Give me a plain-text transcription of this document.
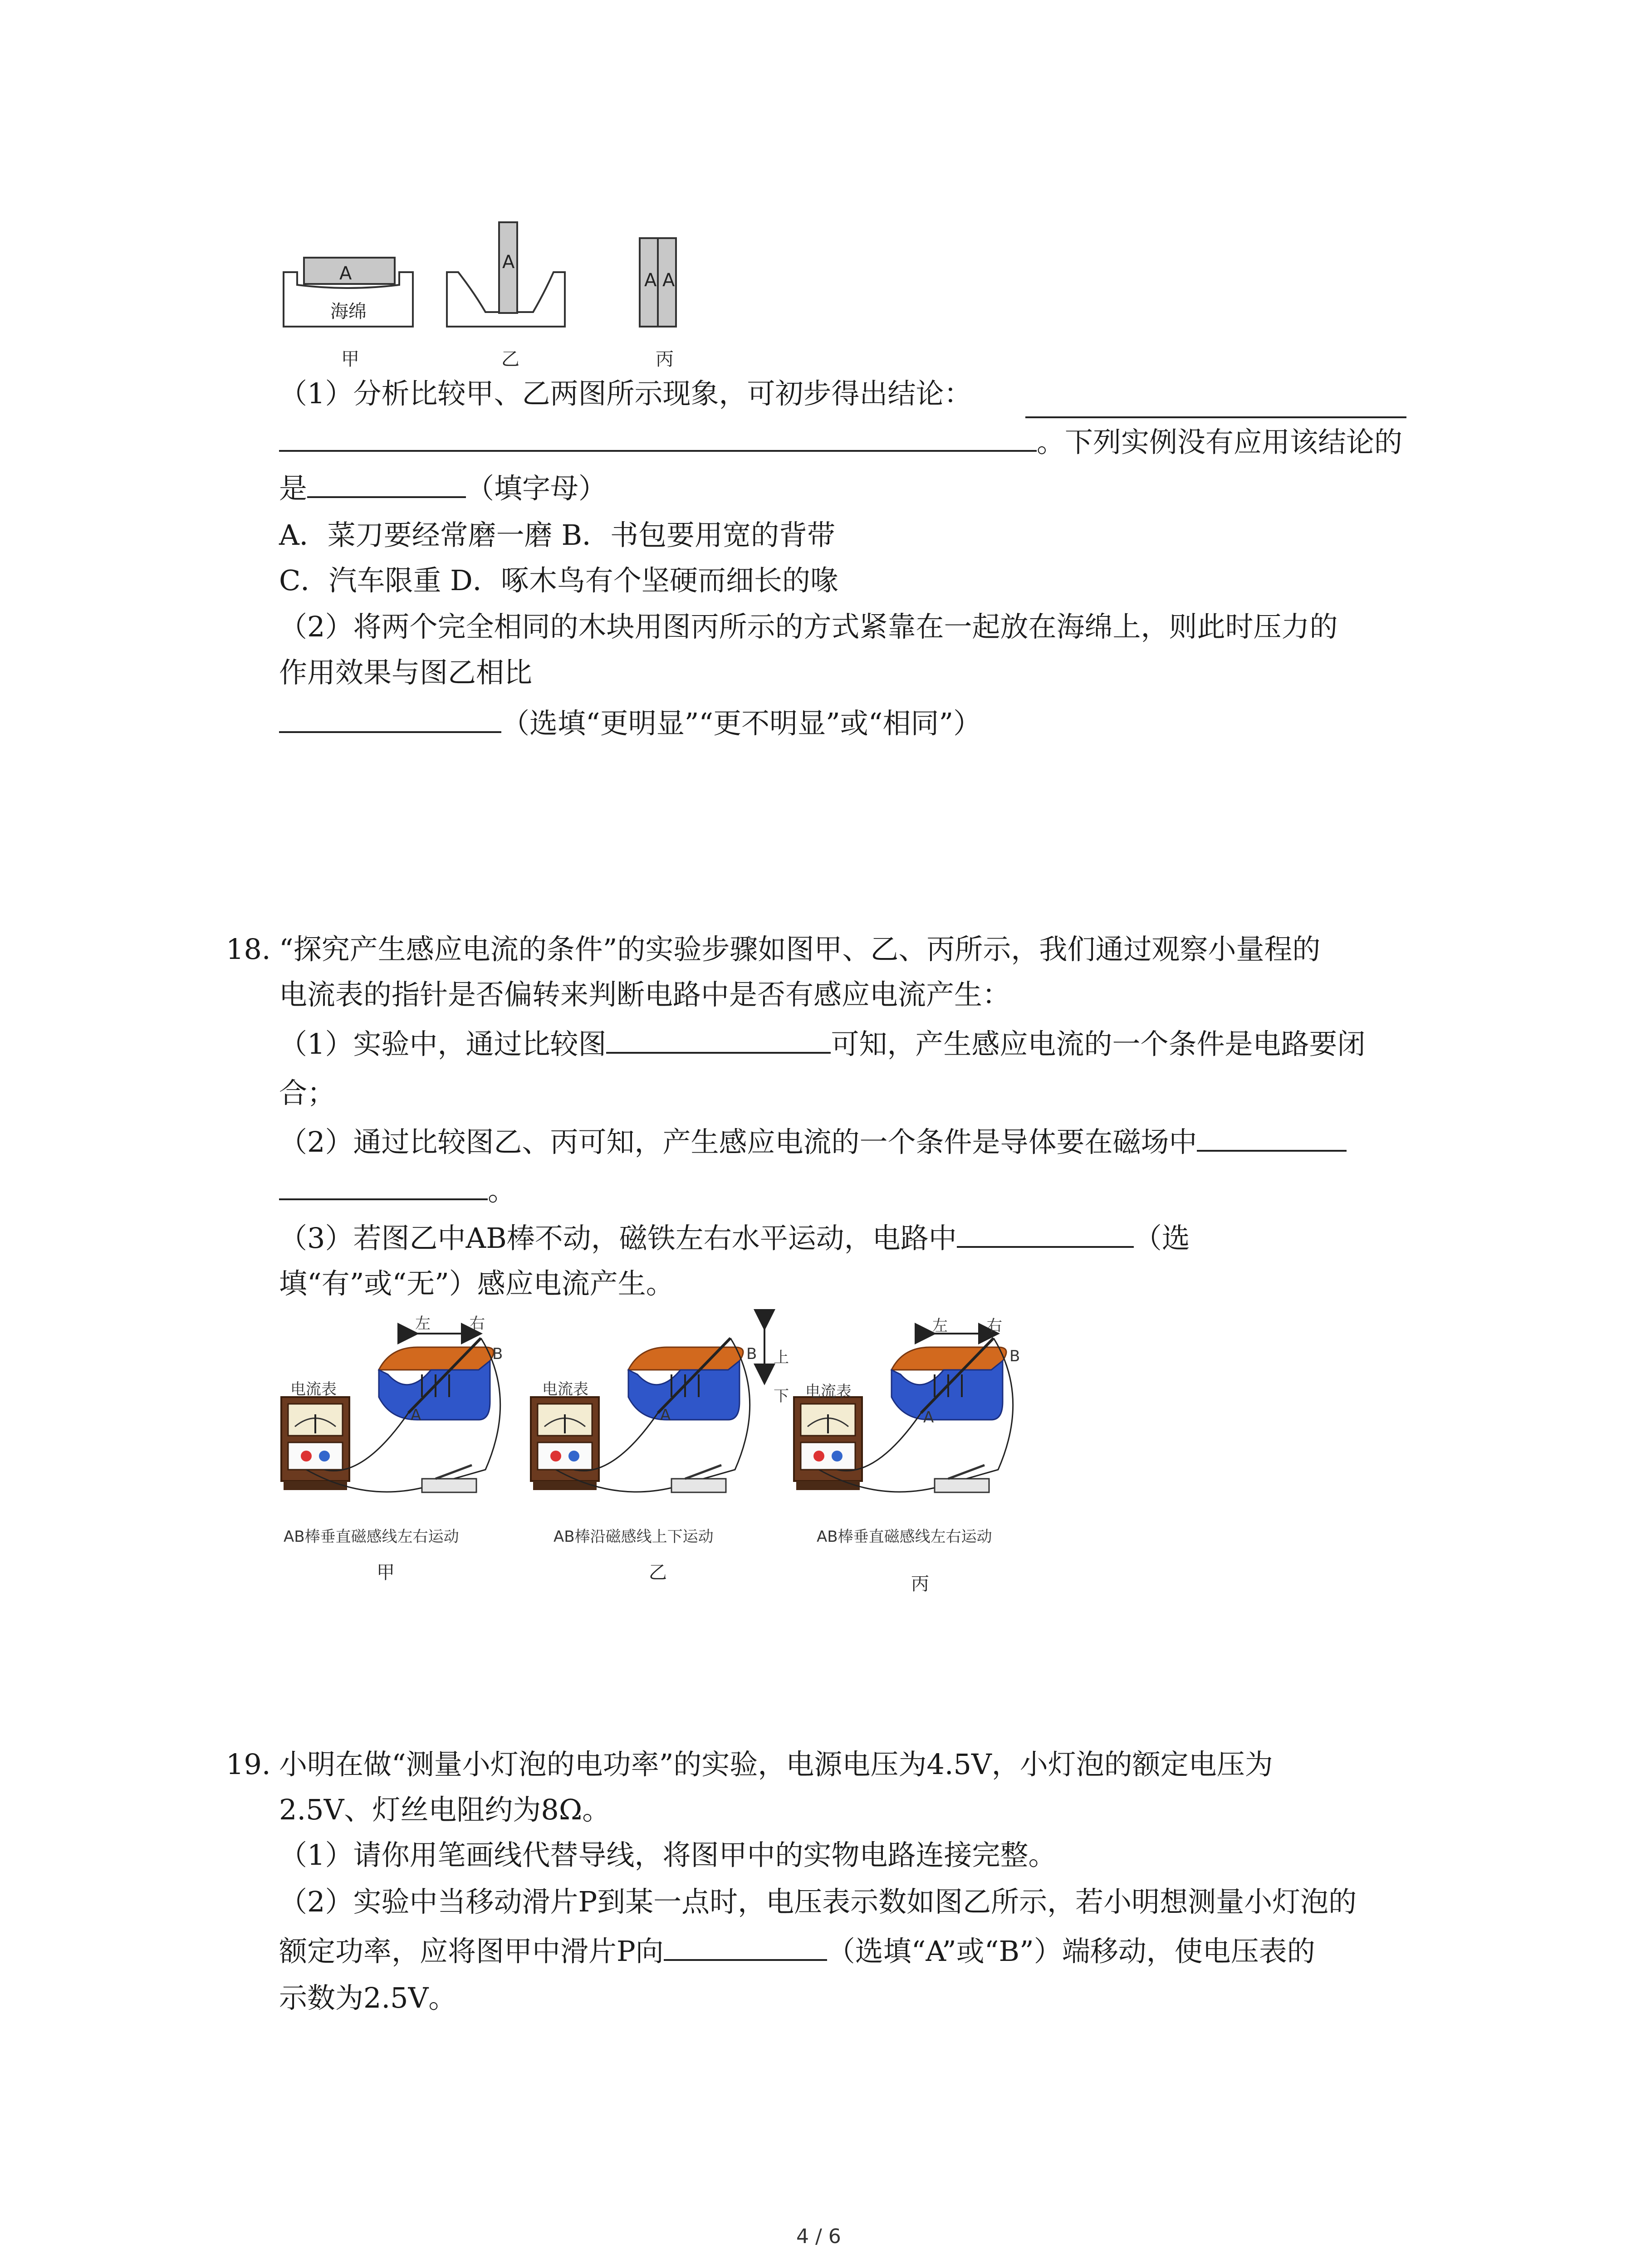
A
海绵
A
A A
甲	乙	丙
（1）分析比较甲、乙两图所示现象，可初步得出结论：
。下列实例没有应用该结论的
是	（填字母）
A．菜刀要经常磨一磨 B．书包要用宽的背带
C．汽车限重 D．啄木鸟有个坚硬而细长的喙
（2）将两个完全相同的木块用图丙所示的方式紧靠在一起放在海绵上，则此时压力的
作用效果与图乙相比
（选填“更明显”“更不明显”或“相同”）
18. “探究产生感应电流的条件”的实验步骤如图甲、乙、丙所示，我们通过观察小量程的
电流表的指针是否偏转来判断电路中是否有感应电流产生：
（1）实验中，通过比较图	可知，产生感应电流的一个条件是电路要闭
合；
（2）通过比较图乙、丙可知，产生感应电流的一个条件是导体要在磁场中
。
（3）若图乙中AB棒不动，磁铁左右水平运动，电路中	（选
填“有”或“无”）感应电流产生。
电流表	电流表	电流表
左	右	左	右
上
下
B
A
B
A
B
A
AB棒垂直磁感线左右运动	AB棒沿磁感线上下运动	AB棒垂直磁感线左右运动
甲	乙
丙
19. 小明在做“测量小灯泡的电功率”的实验，电源电压为4.5V，小灯泡的额定电压为
2.5V、灯丝电阻约为8Ω。
（1）请你用笔画线代替导线，将图甲中的实物电路连接完整。
（2）实验中当移动滑片P到某一点时，电压表示数如图乙所示，若小明想测量小灯泡的
额定功率，应将图甲中滑片P向	（选填“A”或“B”）端移动，使电压表的
示数为2.5V。
4 / 6
